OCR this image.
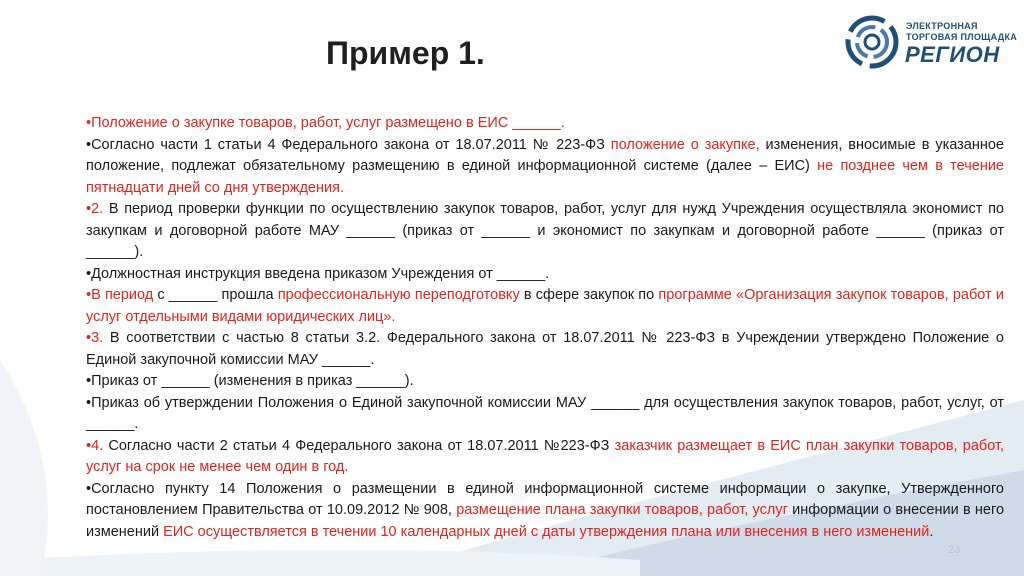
ЭЛЕКТРОННАЯ
ТОРГОВАЯ ПЛОЩАДКА
РЕГИОН
Пример 1.

•Положение о закупке товаров, работ, услуг размещено в ЕИС ______.

•Согласно части 1 статьи 4 Федерального закона от 18.07.2011 № 223-ФЗ положение о закупке, изменения, вносимые в указанное положение, подлежат обязательному размещению в единой информационной системе (далее – ЕИС) не позднее чем в течение пятнадцати дней со дня утверждения.

•2. В период проверки функции по осуществлению закупок товаров, работ, услуг для нужд Учреждения осуществляла экономист по закупкам и договорной работе МАУ ______ (приказ от ______ и экономист по закупкам и договорной работе ______ (приказ от ______).

•Должностная инструкция введена приказом Учреждения от ______.

•В период с ______ прошла профессиональную переподготовку в сфере закупок по программе «Организация закупок товаров, работ и услуг отдельными видами юридических лиц».

•3. В соответствии с частью 8 статьи 3.2. Федерального закона от 18.07.2011 № 223-ФЗ в Учреждении утверждено Положение о Единой закупочной комиссии МАУ ______.

•Приказ от ______ (изменения в приказ ______).

•Приказ об утверждении Положения о Единой закупочной комиссии МАУ ______ для осуществления закупок товаров, работ, услуг, от ______.

•4. Согласно части 2 статьи 4 Федерального закона от 18.07.2011 №223-ФЗ заказчик размещает в ЕИС план закупки товаров, работ, услуг на срок не менее чем один в год.

•Согласно пункту 14 Положения о размещении в единой информационной системе информации о закупке, Утвержденного постановлением Правительства от 10.09.2012 № 908, размещение плана закупки товаров, работ, услуг информации о внесении в него изменений ЕИС осуществляется в течении 10 календарных дней с даты утверждения плана или внесения в него изменений.

23
